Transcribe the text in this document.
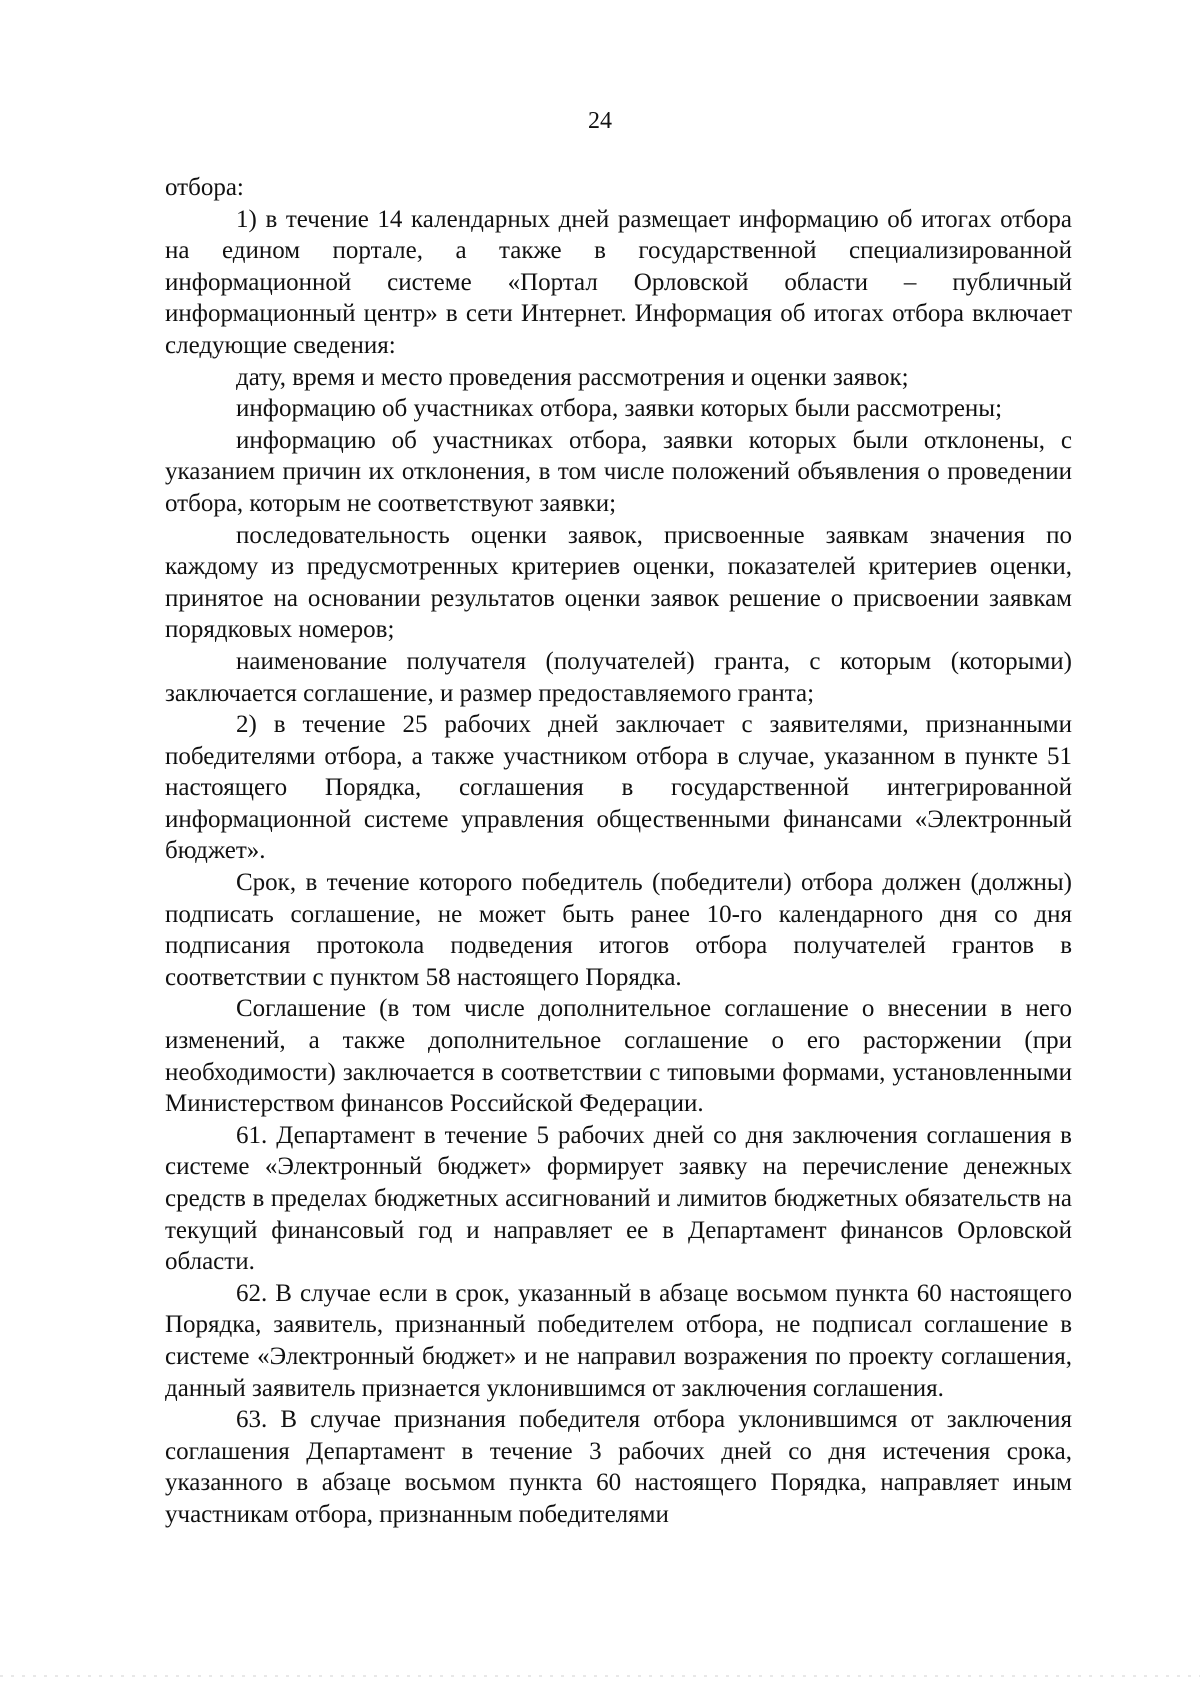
24

отбора:

1) в течение 14 календарных дней размещает информацию об итогах отбора на едином портале, а также в государственной специализированной информационной системе «Портал Орловской области – публичный информационный центр» в сети Интернет. Информация об итогах отбора включает следующие сведения:

дату, время и место проведения рассмотрения и оценки заявок;

информацию об участниках отбора, заявки которых были рассмотрены;

информацию об участниках отбора, заявки которых были отклонены, с указанием причин их отклонения, в том числе положений объявления о проведении отбора, которым не соответствуют заявки;

последовательность оценки заявок, присвоенные заявкам значения по каждому из предусмотренных критериев оценки, показателей критериев оценки, принятое на основании результатов оценки заявок решение о присвоении заявкам порядковых номеров;

наименование получателя (получателей) гранта, с которым (которыми) заключается соглашение, и размер предоставляемого гранта;

2) в течение 25 рабочих дней заключает с заявителями, признанными победителями отбора, а также участником отбора в случае, указанном в пункте 51 настоящего Порядка, соглашения в государственной интегрированной информационной системе управления общественными финансами «Электронный бюджет».

Срок, в течение которого победитель (победители) отбора должен (должны) подписать соглашение, не может быть ранее 10-го календарного дня со дня подписания протокола подведения итогов отбора получателей грантов в соответствии с пунктом 58 настоящего Порядка.

Соглашение (в том числе дополнительное соглашение о внесении в него изменений, а также дополнительное соглашение о его расторжении (при необходимости) заключается в соответствии с типовыми формами, установленными Министерством финансов Российской Федерации.

61. Департамент в течение 5 рабочих дней со дня заключения соглашения в системе «Электронный бюджет» формирует заявку на перечисление денежных средств в пределах бюджетных ассигнований и лимитов бюджетных обязательств на текущий финансовый год и направляет ее в Департамент финансов Орловской области.

62. В случае если в срок, указанный в абзаце восьмом пункта 60 настоящего Порядка, заявитель, признанный победителем отбора, не подписал соглашение в системе «Электронный бюджет» и не направил возражения по проекту соглашения, данный заявитель признается уклонившимся от заключения соглашения.

63. В случае признания победителя отбора уклонившимся от заключения соглашения Департамент в течение 3 рабочих дней со дня истечения срока, указанного в абзаце восьмом пункта 60 настоящего Порядка, направляет иным участникам отбора, признанным победителями
